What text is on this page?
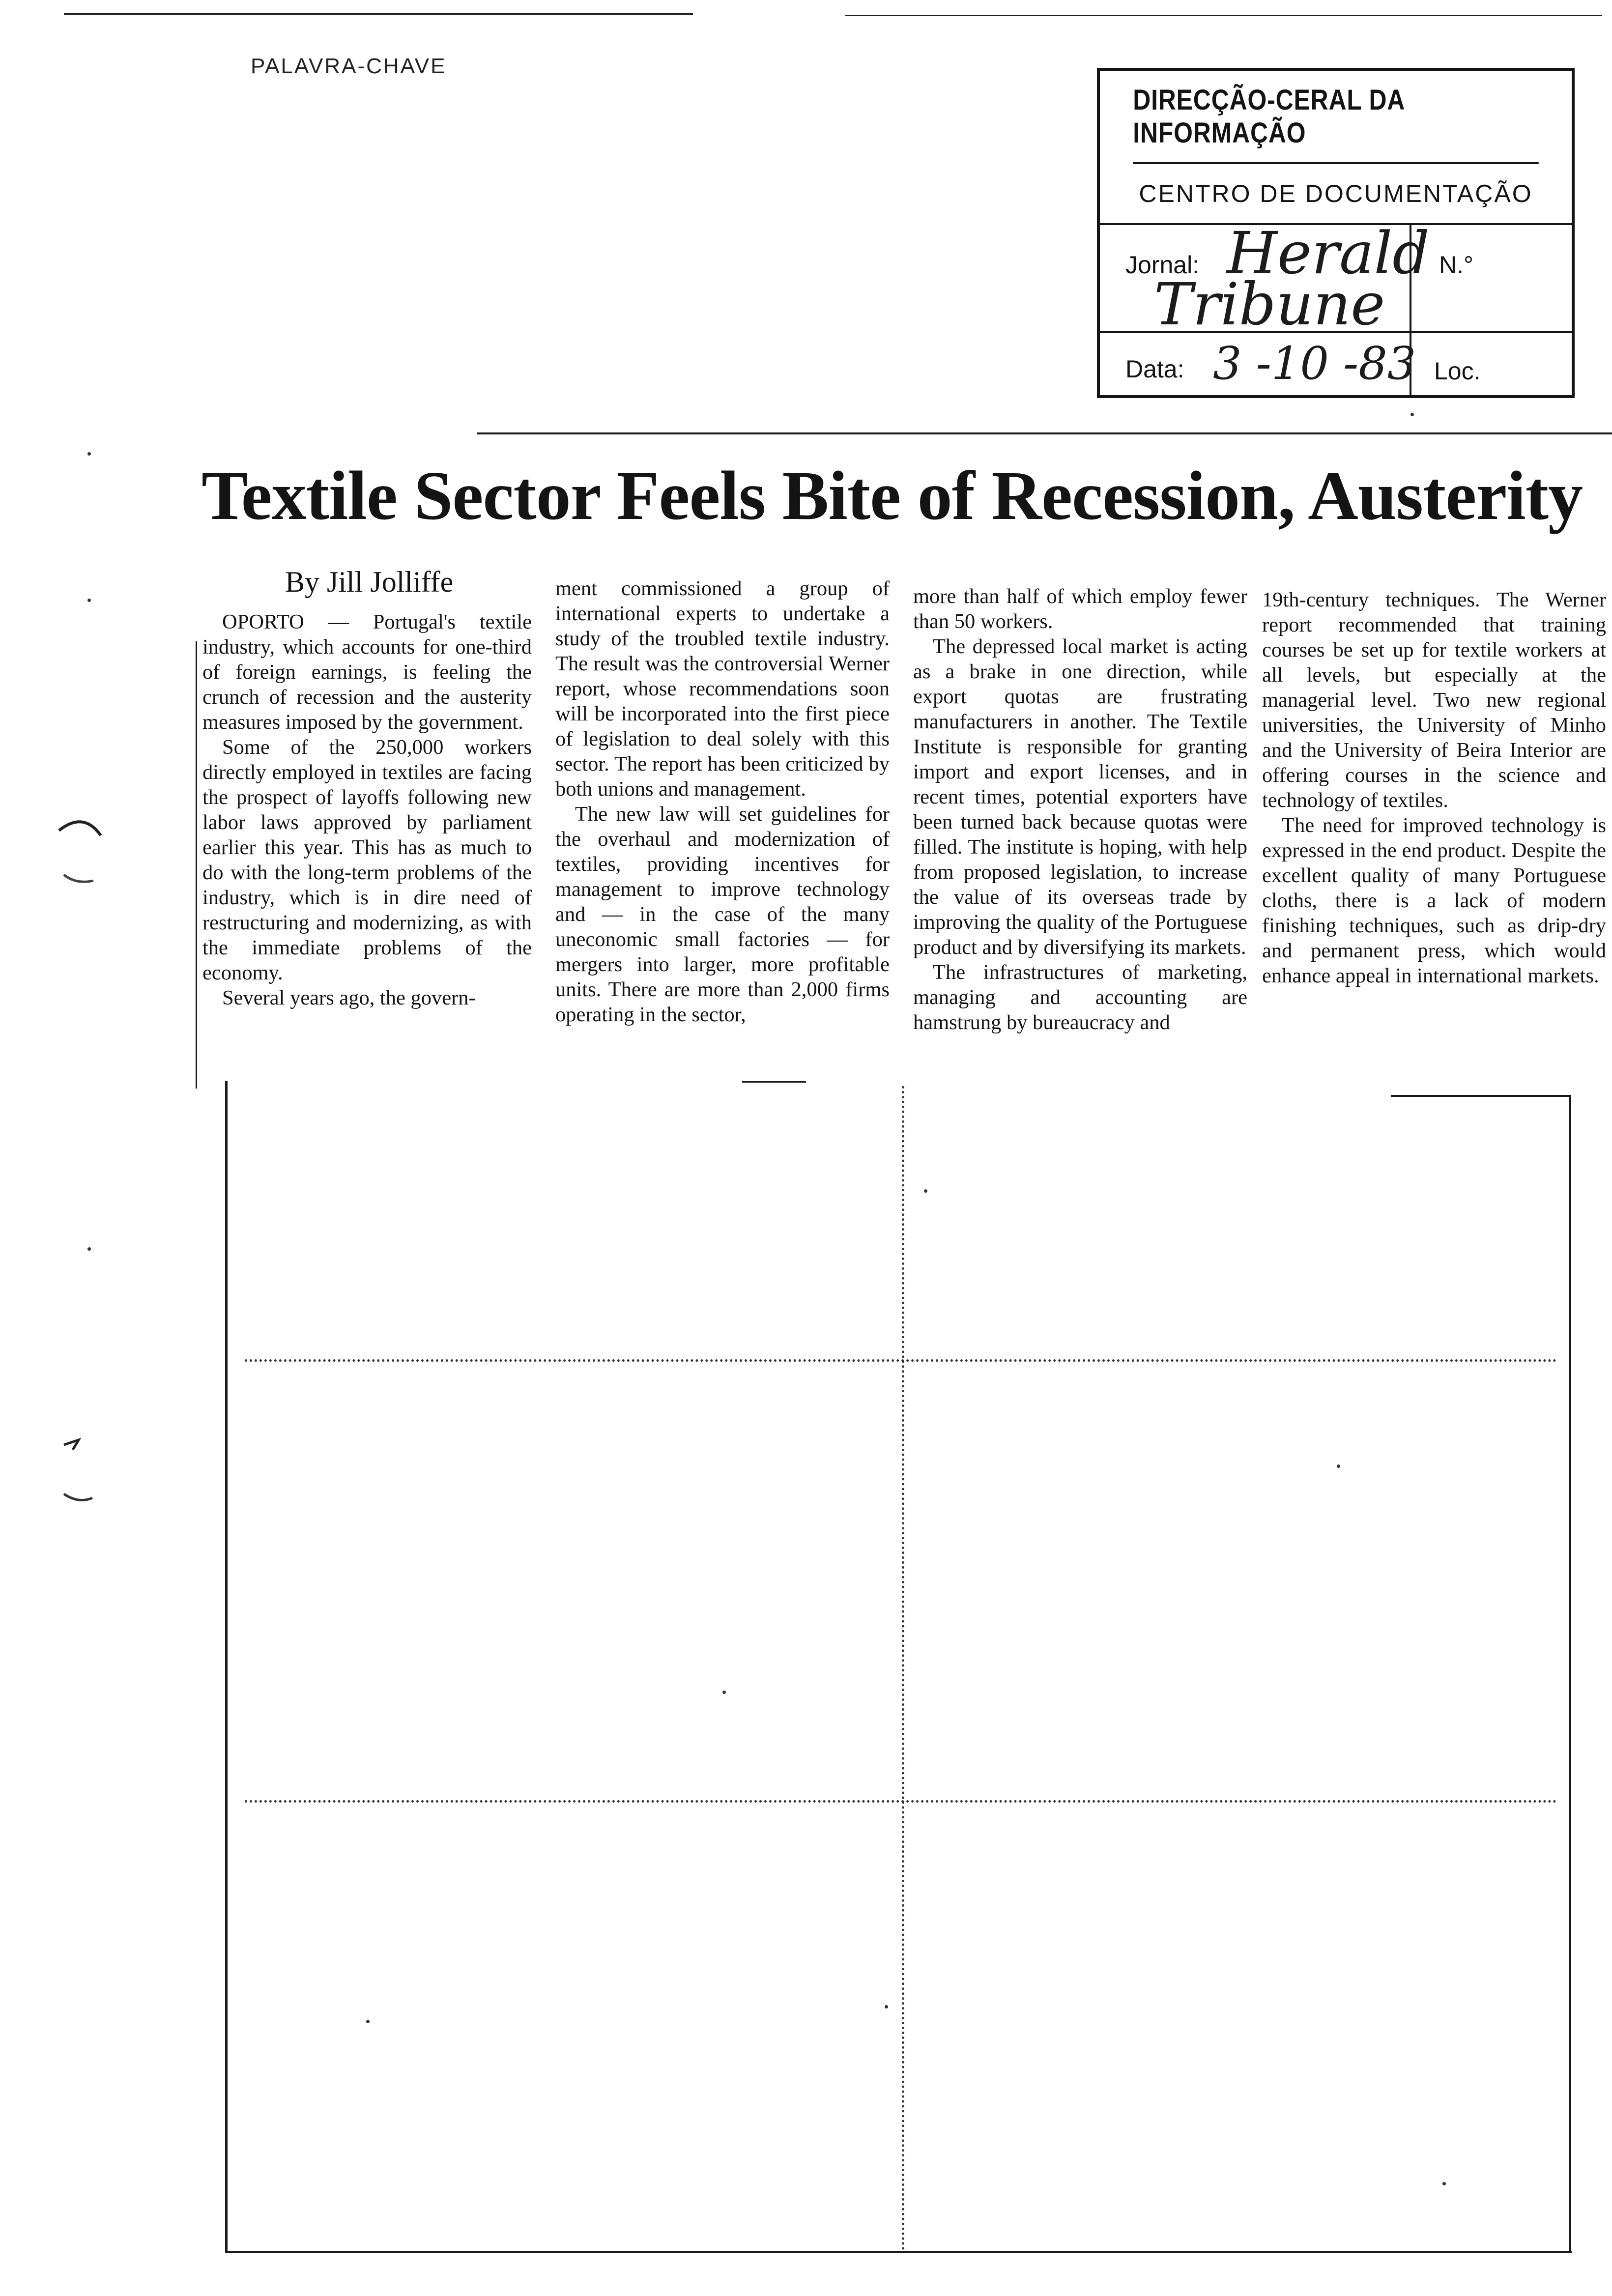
PALAVRA-CHAVE
DIRECÇÃO-CERAL DA INFORMAÇÃO
CENTRO DE DOCUMENTAÇÃO
Jornal: Herald
Tribune
N.°
Data: 3 -10 -83 Loc.
Textile Sector Feels Bite of Recession, Austerity
By Jill Jolliffe

OPORTO — Portugal's textile industry, which accounts for one-third of foreign earnings, is feeling the crunch of recession and the austerity measures imposed by the government.

Some of the 250,000 workers directly employed in textiles are facing the prospect of layoffs following new labor laws approved by parliament earlier this year. This has as much to do with the long-term problems of the industry, which is in dire need of restructuring and modernizing, as with the immediate problems of the economy.

Several years ago, the govern-

ment commissioned a group of international experts to undertake a study of the troubled textile industry. The result was the controversial Werner report, whose recommendations soon will be incorporated into the first piece of legislation to deal solely with this sector. The report has been criticized by both unions and management.

The new law will set guidelines for the overhaul and modernization of textiles, providing incentives for management to improve technology and — in the case of the many uneconomic small factories — for mergers into larger, more profitable units. There are more than 2,000 firms operating in the sector,

more than half of which employ fewer than 50 workers.

The depressed local market is acting as a brake in one direction, while export quotas are frustrating manufacturers in another. The Textile Institute is responsible for granting import and export licenses, and in recent times, potential exporters have been turned back because quotas were filled. The institute is hoping, with help from proposed legislation, to increase the value of its overseas trade by improving the quality of the Portuguese product and by diversifying its markets.

The infrastructures of marketing, managing and accounting are hamstrung by bureaucracy and

19th-century techniques. The Werner report recommended that training courses be set up for textile workers at all levels, but especially at the managerial level. Two new regional universities, the University of Minho and the University of Beira Interior are offering courses in the science and technology of textiles.

The need for improved technology is expressed in the end product. Despite the excellent quality of many Portuguese cloths, there is a lack of modern finishing techniques, such as drip-dry and permanent press, which would enhance appeal in international markets.
